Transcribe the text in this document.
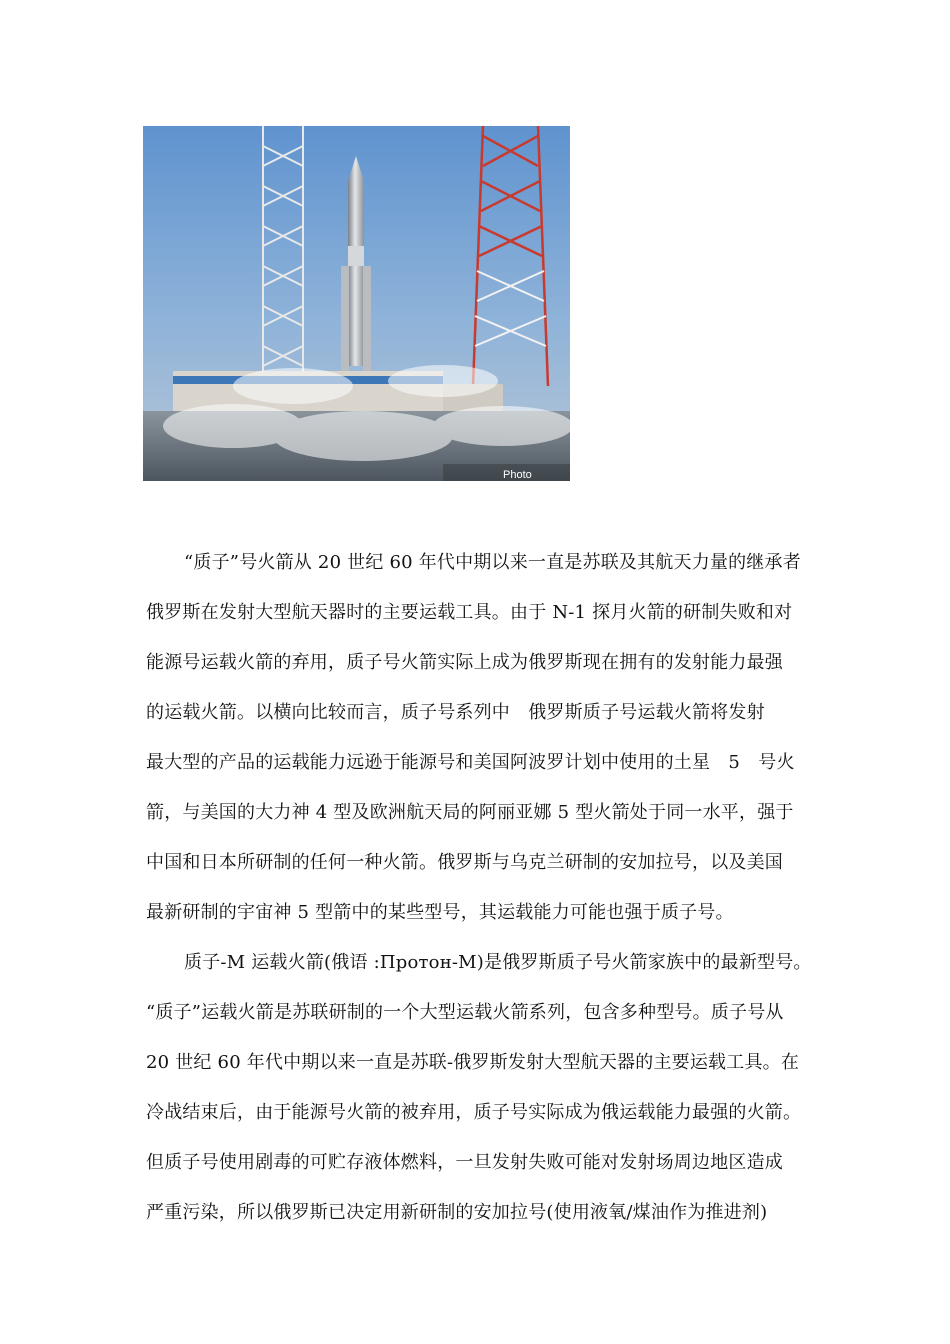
Photo
“质子”号火箭从 20 世纪 60 年代中期以来一直是苏联及其航天力量的继承者
俄罗斯在发射大型航天器时的主要运载工具。由于 N-1 探月火箭的研制失败和对
能源号运载火箭的弃用，质子号火箭实际上成为俄罗斯现在拥有的发射能力最强
的运载火箭。以横向比较而言，质子号系列中　俄罗斯质子号运载火箭将发射
最大型的产品的运载能力远逊于能源号和美国阿波罗计划中使用的土星　5　号火
箭，与美国的大力神 4 型及欧洲航天局的阿丽亚娜 5 型火箭处于同一水平，强于
中国和日本所研制的任何一种火箭。俄罗斯与乌克兰研制的安加拉号，以及美国
最新研制的宇宙神 5 型箭中的某些型号，其运载能力可能也强于质子号。
质子-M 运载火箭(俄语 :Протон-М)是俄罗斯质子号火箭家族中的最新型号。
“质子”运载火箭是苏联研制的一个大型运载火箭系列，包含多种型号。质子号从
20 世纪 60 年代中期以来一直是苏联-俄罗斯发射大型航天器的主要运载工具。在
冷战结束后，由于能源号火箭的被弃用，质子号实际成为俄运载能力最强的火箭。
但质子号使用剧毒的可贮存液体燃料，一旦发射失败可能对发射场周边地区造成
严重污染，所以俄罗斯已决定用新研制的安加拉号(使用液氧/煤油作为推进剂)
